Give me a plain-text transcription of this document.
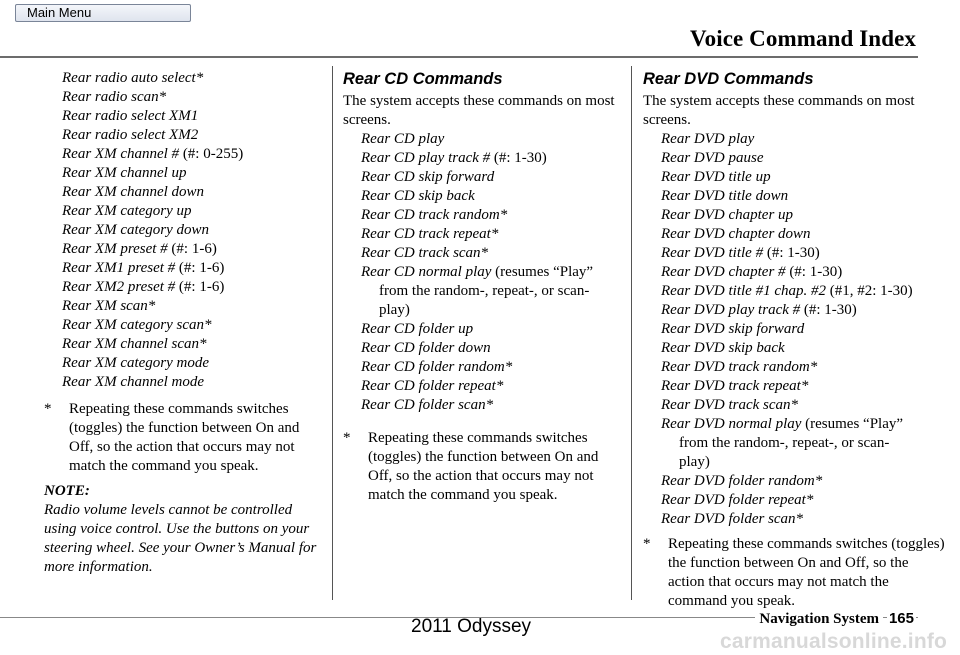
Main Menu
Voice Command Index
Rear radio auto select*
Rear radio scan*
Rear radio select XM1
Rear radio select XM2
Rear XM channel # (#: 0-255)
Rear XM channel up
Rear XM channel down
Rear XM category up
Rear XM category down
Rear XM preset # (#: 1-6)
Rear XM1 preset # (#: 1-6)
Rear XM2 preset # (#: 1-6)
Rear XM scan*
Rear XM category scan*
Rear XM channel scan*
Rear XM category mode
Rear XM channel mode
* Repeating these commands switches (toggles) the function between On and Off, so the action that occurs may not match the command you speak.
NOTE:
Radio volume levels cannot be controlled using voice control. Use the buttons on your steering wheel. See your Owner’s Manual for more information.
Rear CD Commands
The system accepts these commands on most screens.
Rear CD play
Rear CD play track # (#: 1-30)
Rear CD skip forward
Rear CD skip back
Rear CD track random*
Rear CD track repeat*
Rear CD track scan*
Rear CD normal play (resumes “Play” from the random-, repeat-, or scan-play)
Rear CD folder up
Rear CD folder down
Rear CD folder random*
Rear CD folder repeat*
Rear CD folder scan*
* Repeating these commands switches (toggles) the function between On and Off, so the action that occurs may not match the command you speak.
Rear DVD Commands
The system accepts these commands on most screens.
Rear DVD play
Rear DVD pause
Rear DVD title up
Rear DVD title down
Rear DVD chapter up
Rear DVD chapter down
Rear DVD title # (#: 1-30)
Rear DVD chapter # (#: 1-30)
Rear DVD title #1 chap. #2 (#1, #2: 1-30)
Rear DVD play track # (#: 1-30)
Rear DVD skip forward
Rear DVD skip back
Rear DVD track random*
Rear DVD track repeat*
Rear DVD track scan*
Rear DVD normal play (resumes “Play” from the random-, repeat-, or scan-play)
Rear DVD folder random*
Rear DVD folder repeat*
Rear DVD folder scan*
* Repeating these commands switches (toggles) the function between On and Off, so the action that occurs may not match the command you speak.
Navigation System 165
2011 Odyssey
carmanualsonline.info
